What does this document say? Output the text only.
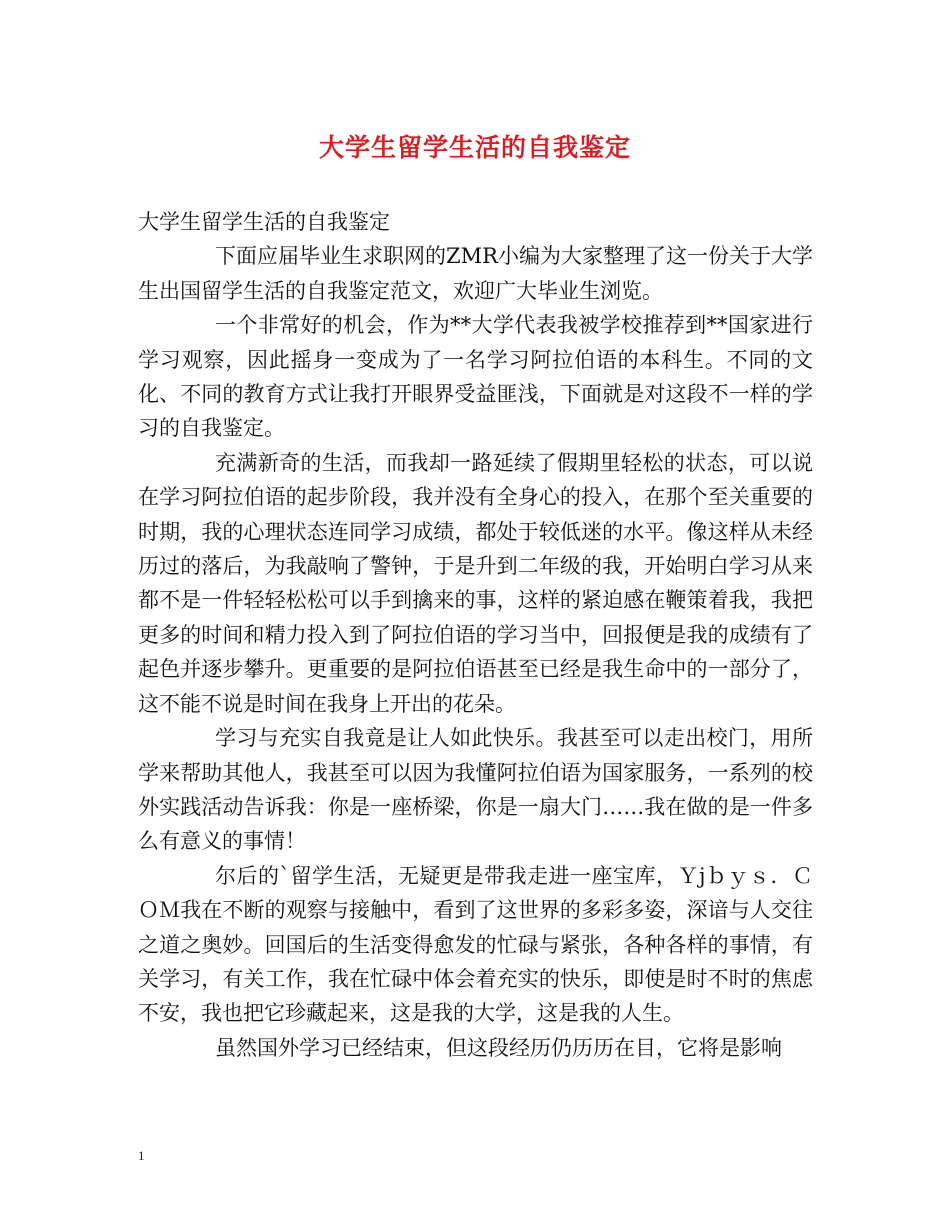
大学生留学生活的自我鉴定

大学生留学生活的自我鉴定

下面应届毕业生求职网的ZMR小编为大家整理了这一份关于大学生出国留学生活的自我鉴定范文，欢迎广大毕业生浏览。

一个非常好的机会，作为**大学代表我被学校推荐到**国家进行学习观察，因此摇身一变成为了一名学习阿拉伯语的本科生。不同的文化、不同的教育方式让我打开眼界受益匪浅，下面就是对这段不一样的学习的自我鉴定。

充满新奇的生活，而我却一路延续了假期里轻松的状态，可以说在学习阿拉伯语的起步阶段，我并没有全身心的投入，在那个至关重要的时期，我的心理状态连同学习成绩，都处于较低迷的水平。像这样从未经历过的落后，为我敲响了警钟，于是升到二年级的我，开始明白学习从来都不是一件轻轻松松可以手到擒来的事，这样的紧迫感在鞭策着我，我把更多的时间和精力投入到了阿拉伯语的学习当中，回报便是我的成绩有了起色并逐步攀升。更重要的是阿拉伯语甚至已经是我生命中的一部分了，这不能不说是时间在我身上开出的花朵。

学习与充实自我竟是让人如此快乐。我甚至可以走出校门，用所学来帮助其他人，我甚至可以因为我懂阿拉伯语为国家服务，一系列的校外实践活动告诉我：你是一座桥梁，你是一扇大门……我在做的是一件多么有意义的事情！

尔后的`留学生活，无疑更是带我走进一座宝库，Ｙjｂｙｓ．ＣＯＭ我在不断的观察与接触中，看到了这世界的多彩多姿，深谙与人交往之道之奥妙。回国后的生活变得愈发的忙碌与紧张，各种各样的事情，有关学习，有关工作，我在忙碌中体会着充实的快乐，即使是时不时的焦虑不安，我也把它珍藏起来，这是我的大学，这是我的人生。

虽然国外学习已经结束，但这段经历仍历历在目，它将是影响

1
